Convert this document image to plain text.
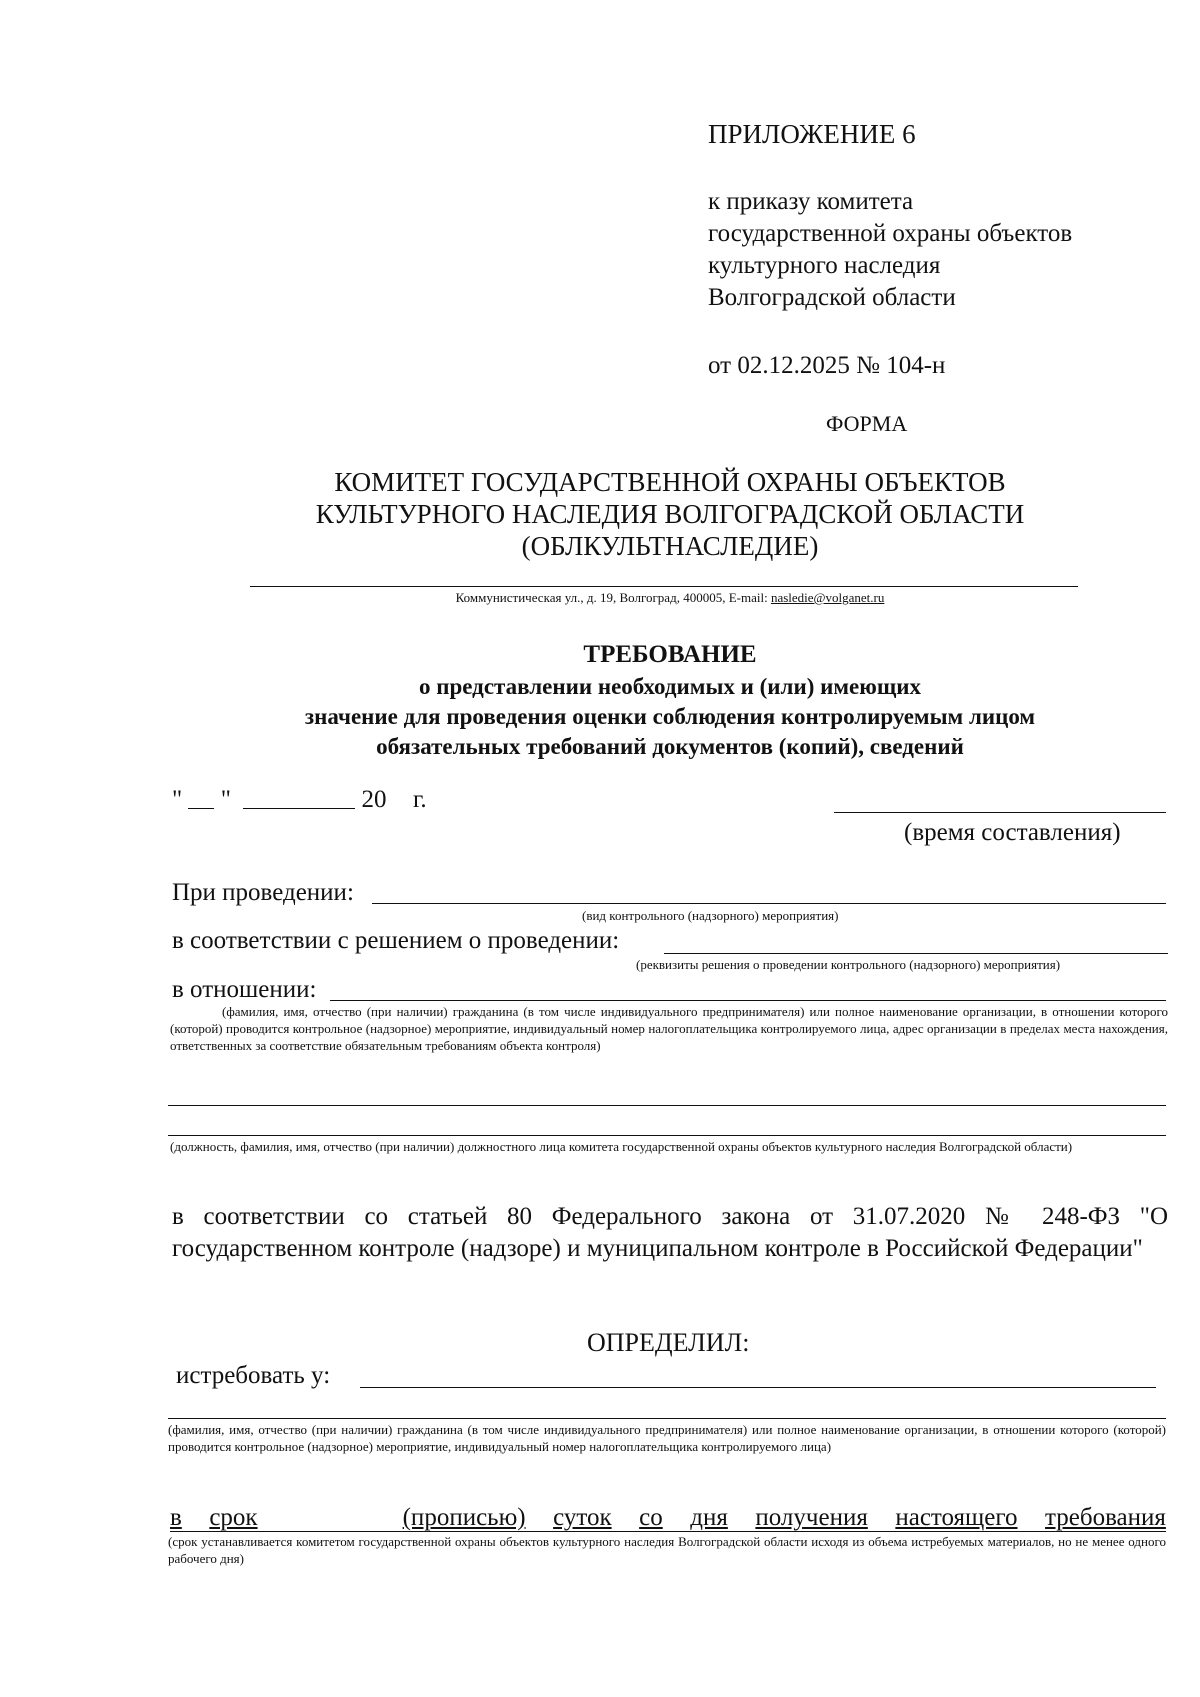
ПРИЛОЖЕНИЕ 6
к приказу комитета
государственной охраны объектов
культурного наследия
Волгоградской области
от 02.12.2025 № 104-н
ФОРМА
КОМИТЕТ ГОСУДАРСТВЕННОЙ ОХРАНЫ ОБЪЕКТОВ
КУЛЬТУРНОГО НАСЛЕДИЯ ВОЛГОГРАДСКОЙ ОБЛАСТИ
(ОБЛКУЛЬТНАСЛЕДИЕ)
Коммунистическая ул., д. 19, Волгоград, 400005, E-mail: nasledie@volganet.ru
ТРЕБОВАНИЕ
о представлении необходимых и (или) имеющих
значение для проведения оценки соблюдения контролируемым лицом
обязательных требований документов (копий), сведений
" "	20 г.
(время составления)
При проведении:
(вид контрольного (надзорного) мероприятия)
в соответствии с решением о проведении:
(реквизиты решения о проведении контрольного (надзорного) мероприятия)
в отношении:
(фамилия, имя, отчество (при наличии) гражданина (в том числе индивидуального предпринимателя) или полное наименование организации, в отношении которого (которой) проводится контрольное (надзорное) мероприятие, индивидуальный номер налогоплательщика контролируемого лица, адрес организации в пределах места нахождения, ответственных за соответствие обязательным требованиям объекта контроля)
(должность, фамилия, имя, отчество (при наличии) должностного лица комитета государственной охраны объектов культурного наследия Волгоградской области)
в соответствии со статьей 80 Федерального закона от 31.07.2020 № 248-ФЗ "О государственном контроле (надзоре) и муниципальном контроле в Российской Федерации"
ОПРЕДЕЛИЛ:
истребовать у:
(фамилия, имя, отчество (при наличии) гражданина (в том числе индивидуального предпринимателя) или полное наименование организации, в отношении которого (которой) проводится контрольное (надзорное) мероприятие, индивидуальный номер налогоплательщика контролируемого лица)
в срок	(прописью) суток со дня получения настоящего требования
(срок устанавливается комитетом государственной охраны объектов культурного наследия Волгоградской области исходя из объема истребуемых материалов, но не менее одного рабочего дня)
